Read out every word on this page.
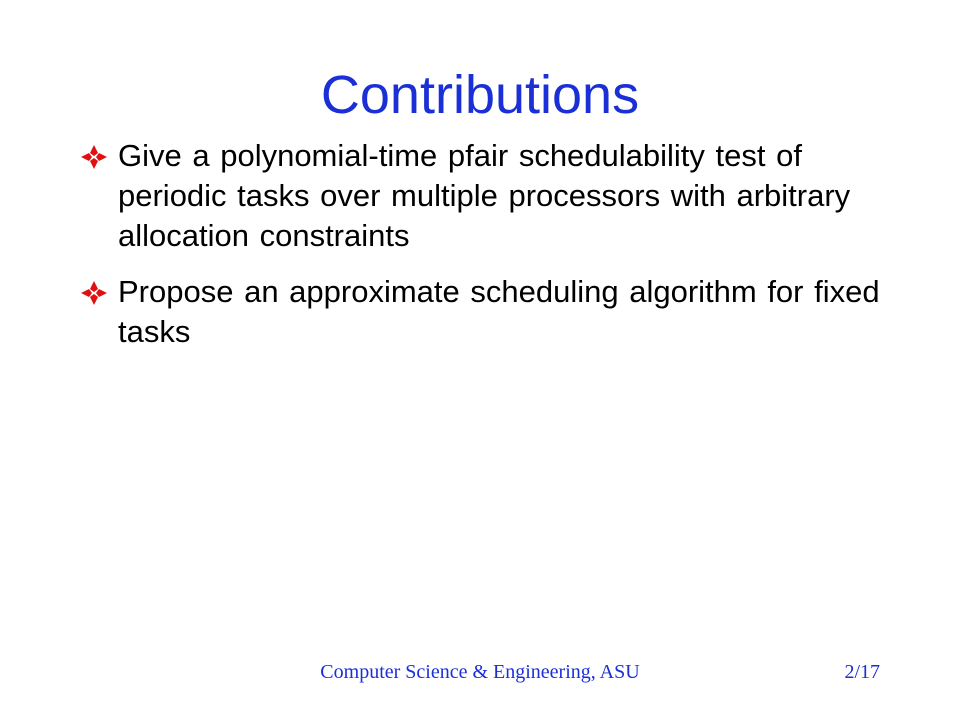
Contributions
Give a polynomial-time pfair schedulability test of periodic tasks over multiple processors with arbitrary allocation constraints
Propose an approximate scheduling algorithm for fixed tasks
Computer Science & Engineering, ASU	2/17
